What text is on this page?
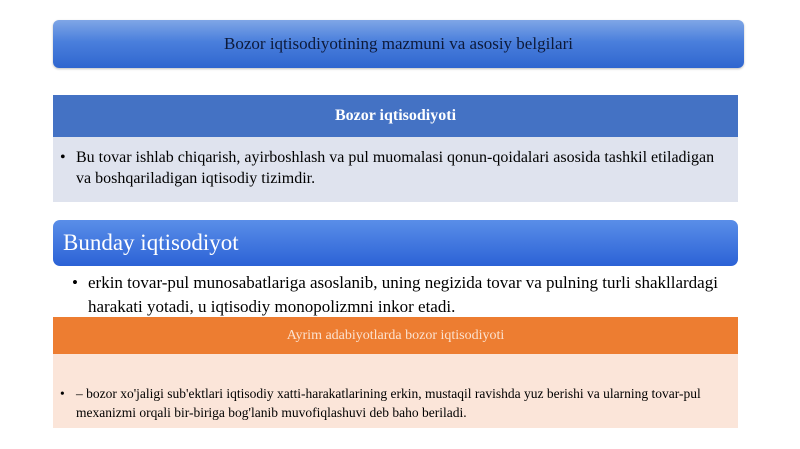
Bozor iqtisodiyotining mazmuni va asosiy belgilari
Bozor iqtisodiyoti
• Bu tovar ishlab chiqarish, ayirboshlash va pul muomalasi qonun-qoidalari asosida tashkil etiladigan va boshqariladigan iqtisodiy tizimdir.
Bunday iqtisodiyot
• erkin tovar-pul munosabatlariga asoslanib, uning negizida tovar va pulning turli shakllardagi harakati yotadi, u iqtisodiy monopolizmni inkor etadi.
Ayrim adabiyotlarda bozor iqtisodiyoti
• – bozor xo'jaligi sub'ektlari iqtisodiy xatti-harakatlarining erkin, mustaqil ravishda yuz berishi va ularning tovar-pul mexanizmi orqali bir-biriga bog'lanib muvofiqlashuvi deb baho beriladi.
